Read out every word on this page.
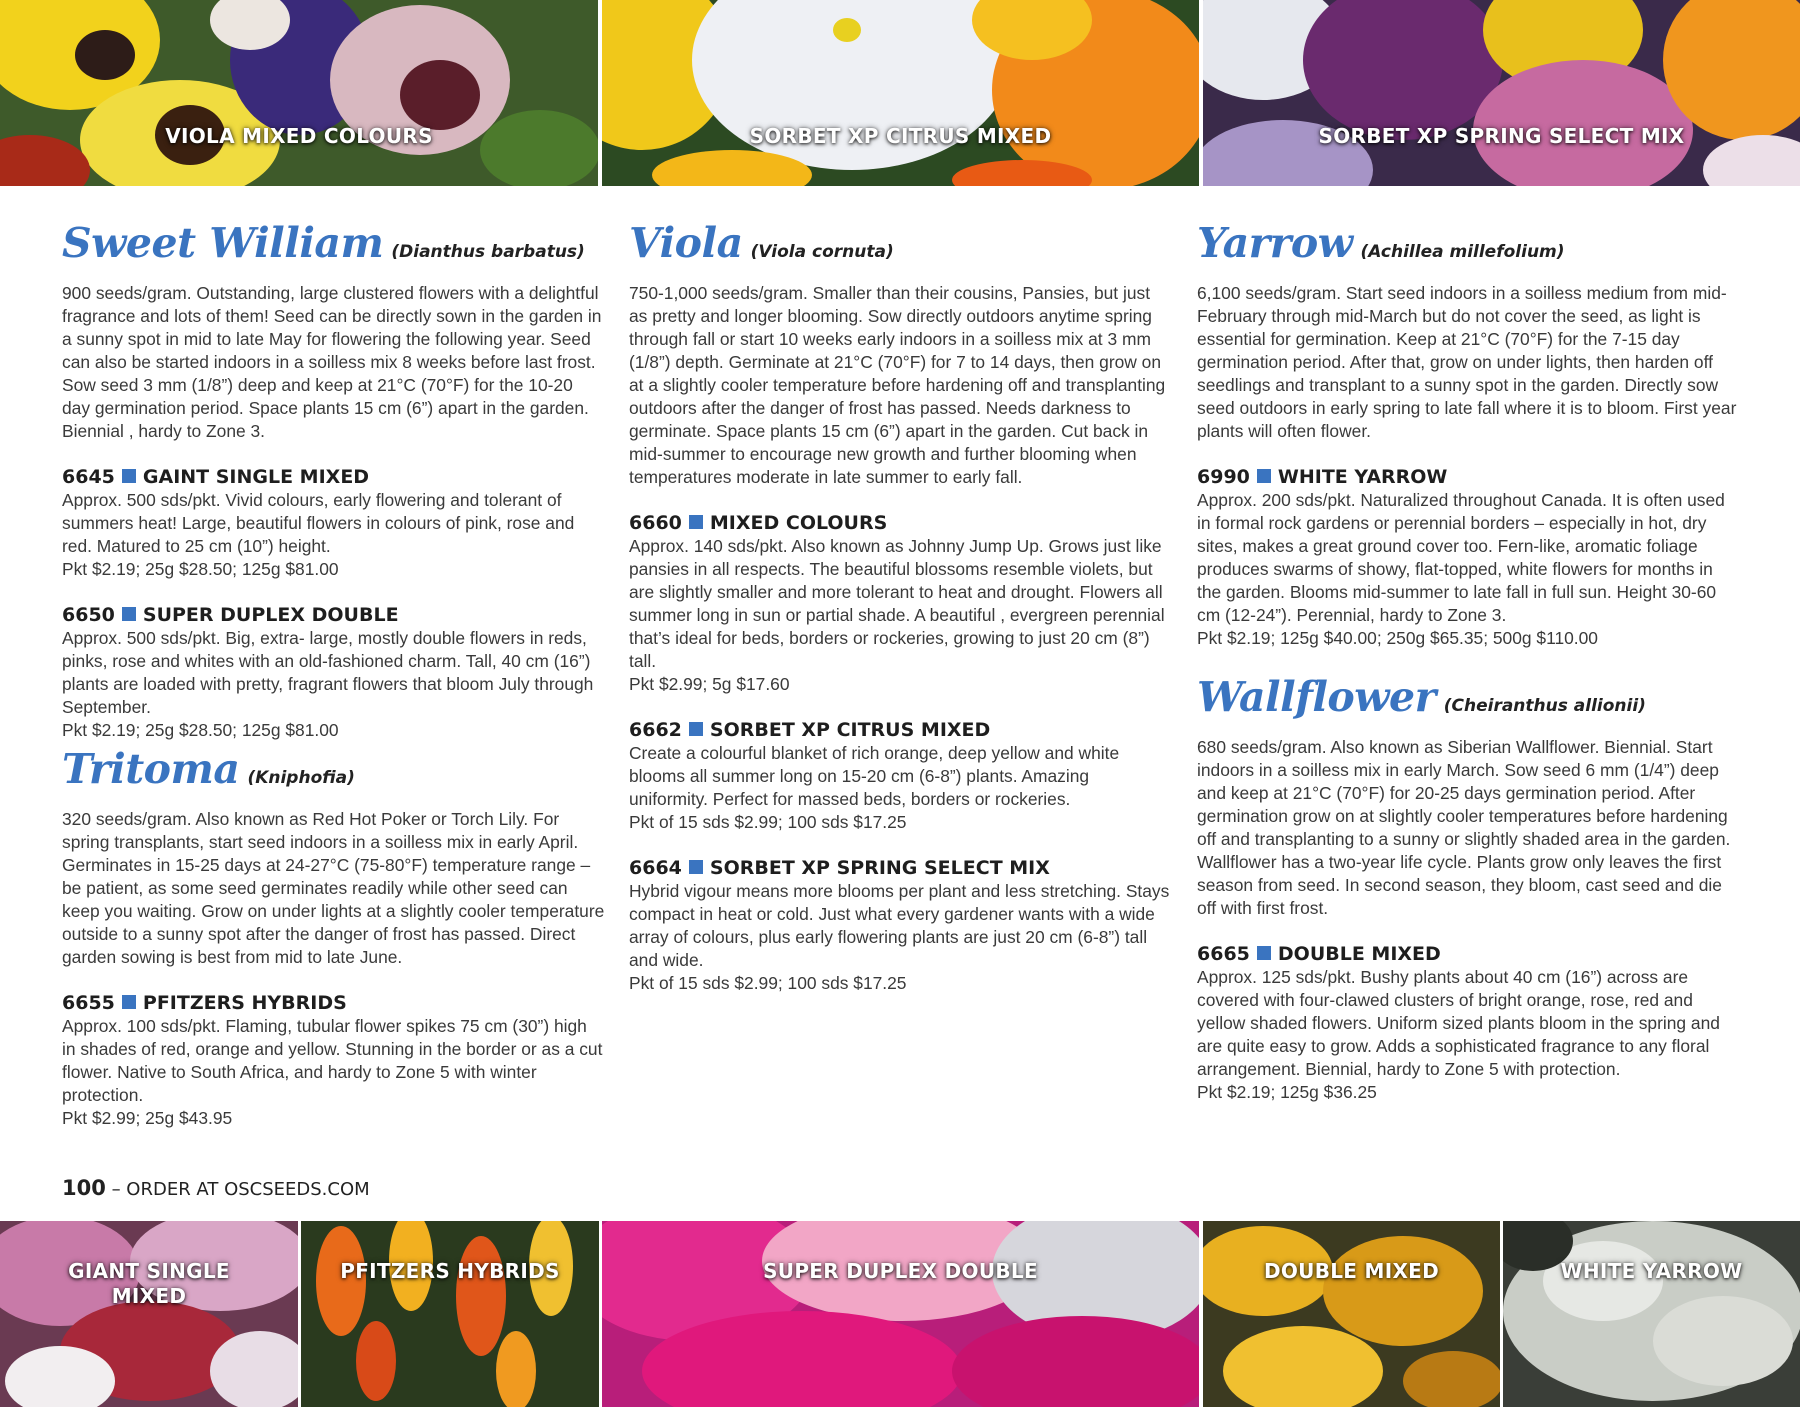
VIOLA MIXED COLOURS	SORBET XP CITRUS MIXED	SORBET XP SPRING SELECT MIX
Sweet William (Dianthus barbatus)

900 seeds/gram. Outstanding, large clustered flowers with a delightful fragrance and lots of them! Seed can be directly sown in the garden in a sunny spot in mid to late May for flowering the following year. Seed can also be started indoors in a soilless mix 8 weeks before last frost. Sow seed 3 mm (1/8”) deep and keep at 21°C (70°F) for the 10-20 day germination period. Space plants 15 cm (6”) apart in the garden. Biennial , hardy to Zone 3.

6645 GAINT SINGLE MIXED

Approx. 500 sds/pkt. Vivid colours, early flowering and tolerant of summers heat! Large, beautiful flowers in colours of pink, rose and red. Matured to 25 cm (10”) height.

Pkt $2.19; 25g $28.50; 125g $81.00

6650 SUPER DUPLEX DOUBLE

Approx. 500 sds/pkt. Big, extra- large, mostly double flowers in reds, pinks, rose and whites with an old-fashioned charm. Tall, 40 cm (16”) plants are loaded with pretty, fragrant flowers that bloom July through September.

Pkt $2.19; 25g $28.50; 125g $81.00

Tritoma (Kniphofia)

320 seeds/gram. Also known as Red Hot Poker or Torch Lily. For spring transplants, start seed indoors in a soilless mix in early April. Germinates in 15-25 days at 24-27°C (75-80°F) temperature range – be patient, as some seed germinates readily while other seed can keep you waiting. Grow on under lights at a slightly cooler temperature outside to a sunny spot after the danger of frost has passed. Direct garden sowing is best from mid to late June.

6655 PFITZERS HYBRIDS

Approx. 100 sds/pkt. Flaming, tubular flower spikes 75 cm (30”) high in shades of red, orange and yellow. Stunning in the border or as a cut flower. Native to South Africa, and hardy to Zone 5 with winter protection.

Pkt $2.99; 25g $43.95

Viola (Viola cornuta)

750-1,000 seeds/gram. Smaller than their cousins, Pansies, but just as pretty and longer blooming. Sow directly outdoors anytime spring through fall or start 10 weeks early indoors in a soilless mix at 3 mm (1/8”) depth. Germinate at 21°C (70°F) for 7 to 14 days, then grow on at a slightly cooler temperature before hardening off and transplanting outdoors after the danger of frost has passed. Needs darkness to germinate. Space plants 15 cm (6”) apart in the garden. Cut back in mid-summer to encourage new growth and further blooming when temperatures moderate in late summer to early fall.

6660 MIXED COLOURS

Approx. 140 sds/pkt. Also known as Johnny Jump Up. Grows just like pansies in all respects. The beautiful blossoms resemble violets, but are slightly smaller and more tolerant to heat and drought. Flowers all summer long in sun or partial shade. A beautiful , evergreen perennial that’s ideal for beds, borders or rockeries, growing to just 20 cm (8”) tall.

Pkt $2.99; 5g $17.60

6662 SORBET XP CITRUS MIXED

Create a colourful blanket of rich orange, deep yellow and white blooms all summer long on 15-20 cm (6-8”) plants. Amazing uniformity. Perfect for massed beds, borders or rockeries.

Pkt of 15 sds $2.99; 100 sds $17.25

6664 SORBET XP SPRING SELECT MIX

Hybrid vigour means more blooms per plant and less stretching. Stays compact in heat or cold. Just what every gardener wants with a wide array of colours, plus early flowering plants are just 20 cm (6-8”) tall and wide.

Pkt of 15 sds $2.99; 100 sds $17.25

Yarrow (Achillea millefolium)

6,100 seeds/gram. Start seed indoors in a soilless medium from mid-February through mid-March but do not cover the seed, as light is essential for germination. Keep at 21°C (70°F) for the 7-15 day germination period. After that, grow on under lights, then harden off seedlings and transplant to a sunny spot in the garden. Directly sow seed outdoors in early spring to late fall where it is to bloom. First year plants will often flower.

6990 WHITE YARROW

Approx. 200 sds/pkt. Naturalized throughout Canada. It is often used in formal rock gardens or perennial borders – especially in hot, dry sites, makes a great ground cover too. Fern-like, aromatic foliage produces swarms of showy, flat-topped, white flowers for months in the garden. Blooms mid-summer to late fall in full sun. Height 30-60 cm (12-24”). Perennial, hardy to Zone 3.

Pkt $2.19; 125g $40.00; 250g $65.35; 500g $110.00

Wallflower (Cheiranthus allionii)

680 seeds/gram. Also known as Siberian Wallflower. Biennial. Start indoors in a soilless mix in early March. Sow seed 6 mm (1/4”) deep and keep at 21°C (70°F) for 20-25 days germination period. After germination grow on at slightly cooler temperatures before hardening off and transplanting to a sunny or slightly shaded area in the garden. Wallflower has a two-year life cycle. Plants grow only leaves the first season from seed. In second season, they bloom, cast seed and die off with first frost.

6665 DOUBLE MIXED

Approx. 125 sds/pkt. Bushy plants about 40 cm (16”) across are covered with four-clawed clusters of bright orange, rose, red and yellow shaded flowers. Uniform sized plants bloom in the spring and are quite easy to grow. Adds a sophisticated fragrance to any floral arrangement. Biennial, hardy to Zone 5 with protection.

Pkt $2.19; 125g $36.25

100 – ORDER AT OSCSEEDS.COM
GIANT SINGLE MIXED
PFITZERS HYBRIDS	SUPER DUPLEX DOUBLE	DOUBLE MIXED	WHITE YARROW
